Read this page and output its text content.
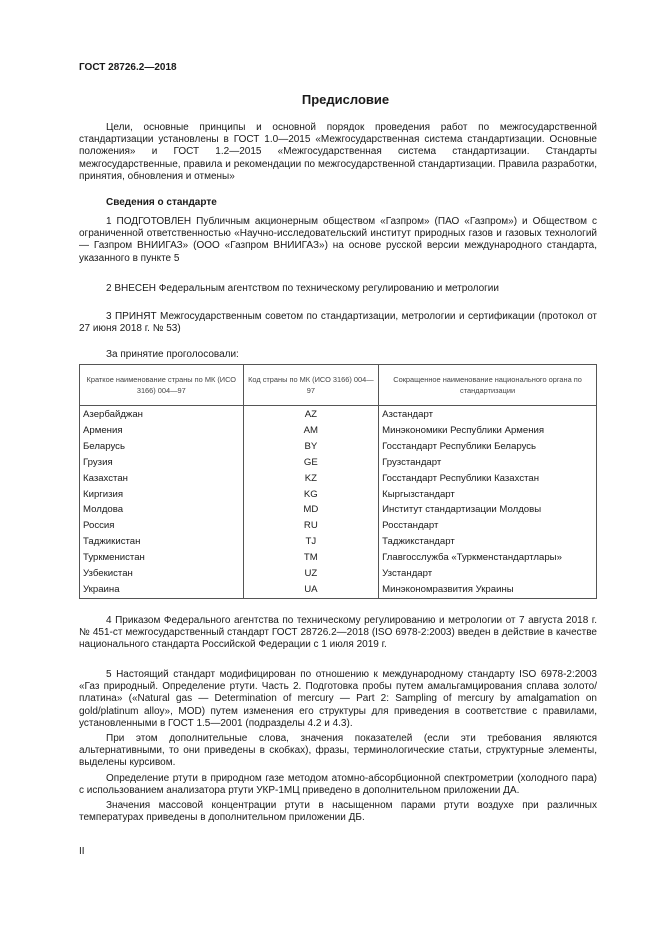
ГОСТ 28726.2—2018
Предисловие
Цели, основные принципы и основной порядок проведения работ по межгосударственной стандартизации установлены в ГОСТ 1.0—2015 «Межгосударственная система стандартизации. Основные положения» и ГОСТ 1.2—2015 «Межгосударственная система стандартизации. Стандарты межгосударственные, правила и рекомендации по межгосударственной стандартизации. Правила разработки, принятия, обновления и отмены»
Сведения о стандарте
1 ПОДГОТОВЛЕН Публичным акционерным обществом «Газпром» (ПАО «Газпром») и Обществом с ограниченной ответственностью «Научно-исследовательский институт природных газов и газовых технологий — Газпром ВНИИГАЗ» (ООО «Газпром ВНИИГАЗ») на основе русской версии международного стандарта, указанного в пункте 5
2 ВНЕСЕН Федеральным агентством по техническому регулированию и метрологии
3 ПРИНЯТ Межгосударственным советом по стандартизации, метрологии и сертификации (протокол от 27 июня 2018 г. № 53)
За принятие проголосовали:
Краткое наименование страны по МК (ИСО 3166) 004—97	Код страны по МК (ИСО 3166) 004—97	Сокращенное наименование национального органа по стандартизации
Азербайджан	AZ	Азстандарт
Армения	AM	Минэкономики Республики Армения
Беларусь	BY	Госстандарт Республики Беларусь
Грузия	GE	Грузстандарт
Казахстан	KZ	Госстандарт Республики Казахстан
Киргизия	KG	Кыргызстандарт
Молдова	MD	Институт стандартизации Молдовы
Россия	RU	Росстандарт
Таджикистан	TJ	Таджикстандарт
Туркменистан	TM	Главгосслужба «Туркменстандартлары»
Узбекистан	UZ	Узстандарт
Украина	UA	Минэкономразвития Украины
4 Приказом Федерального агентства по техническому регулированию и метрологии от 7 августа 2018 г. № 451-ст межгосударственный стандарт ГОСТ 28726.2—2018 (ISO 6978-2:2003) введен в действие в качестве национального стандарта Российской Федерации с 1 июля 2019 г.
5 Настоящий стандарт модифицирован по отношению к международному стандарту ISO 6978-2:2003 «Газ природный. Определение ртути. Часть 2. Подготовка пробы путем амальгамцирования сплава золото/платина» («Natural gas — Determination of mercury — Part 2: Sampling of mercury by amalgamation on gold/platinum alloy», MOD) путем изменения его структуры для приведения в соответствие с правилами, установленными в ГОСТ 1.5—2001 (подразделы 4.2 и 4.3).
При этом дополнительные слова, значения показателей (если эти требования являются альтернативными, то они приведены в скобках), фразы, терминологические статьи, структурные элементы, выделены курсивом.
Определение ртути в природном газе методом атомно-абсорбционной спектрометрии (холодного пара) с использованием анализатора ртути УКР-1МЦ приведено в дополнительном приложении ДА.
Значения массовой концентрации ртути в насыщенном парами ртути воздухе при различных температурах приведены в дополнительном приложении ДБ.
II
